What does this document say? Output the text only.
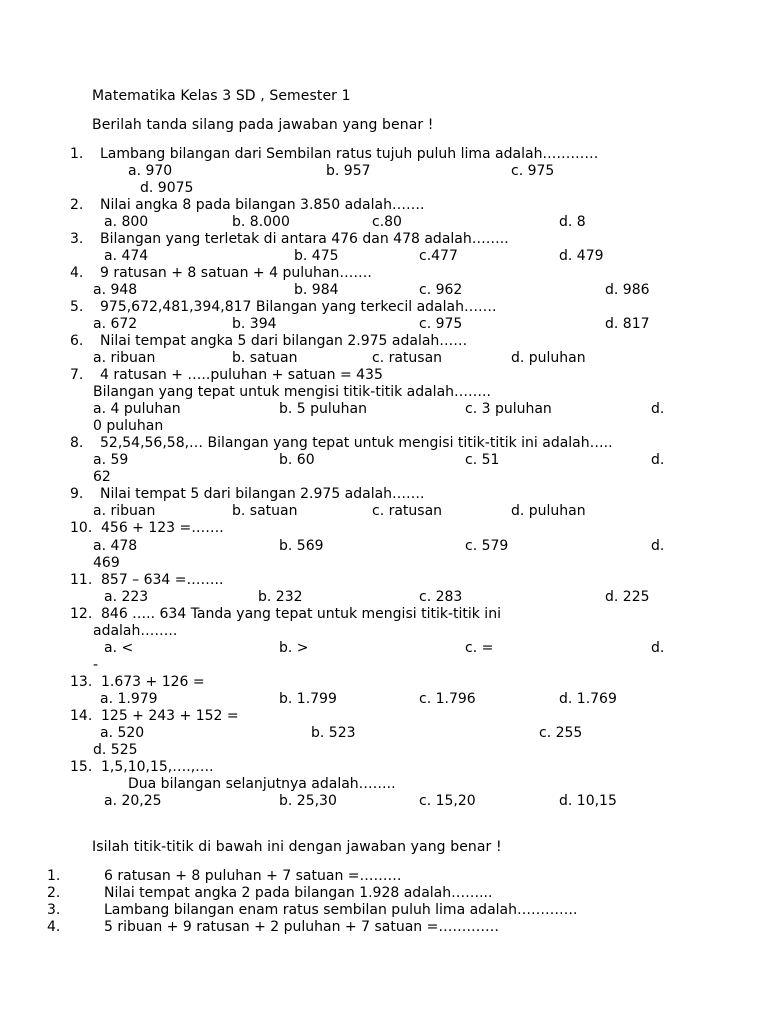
Matematika Kelas 3 SD , Semester 1
Berilah tanda silang pada jawaban yang benar !
1. Lambang bilangan dari Sembilan ratus tujuh puluh lima adalah…………
a. 970	b. 957	c. 975
d. 9075
2. Nilai angka 8 pada bilangan 3.850 adalah…….
a. 800	b. 8.000	c.80	d. 8
3. Bilangan yang terletak di antara 476 dan 478 adalah……..
a. 474	b. 475	c.477	d. 479
4. 9 ratusan + 8 satuan + 4 puluhan…….
a. 948	b. 984	c. 962	d. 986
5. 975,672,481,394,817 Bilangan yang terkecil adalah…….
a. 672	b. 394	c. 975	d. 817
6. Nilai tempat angka 5 dari bilangan 2.975 adalah……
a. ribuan	b. satuan	c. ratusan	d. puluhan
7. 4 ratusan + …..puluhan + satuan = 435
Bilangan yang tepat untuk mengisi titik-titik adalah……..
a. 4 puluhan	b. 5 puluhan	c. 3 puluhan	d.
0 puluhan
8. 52,54,56,58,… Bilangan yang tepat untuk mengisi titik-titik ini adalah…..
a. 59	b. 60	c. 51	d.
62
9. Nilai tempat 5 dari bilangan 2.975 adalah…….
a. ribuan	b. satuan	c. ratusan	d. puluhan
10. 456 + 123 =…….
a. 478	b. 569	c. 579	d.
469
11. 857 – 634 =……..
a. 223	b. 232	c. 283	d. 225
12. 846 ….. 634 Tanda yang tepat untuk mengisi titik-titik ini
adalah……..
a. <	b. >	c. =	d.
-
13. 1.673 + 126 =
a. 1.979	b. 1.799	c. 1.796	d. 1.769
14. 125 + 243 + 152 =
a. 520	b. 523	c. 255
d. 525
15. 1,5,10,15,….,….
Dua bilangan selanjutnya adalah……..
a. 20,25	b. 25,30	c. 15,20	d. 10,15
Isilah titik-titik di bawah ini dengan jawaban yang benar !
1.	6 ratusan + 8 puluhan + 7 satuan =………
2.	Nilai tempat angka 2 pada bilangan 1.928 adalah……...
3.	Lambang bilangan enam ratus sembilan puluh lima adalah………….
4.	5 ribuan + 9 ratusan + 2 puluhan + 7 satuan =………….
